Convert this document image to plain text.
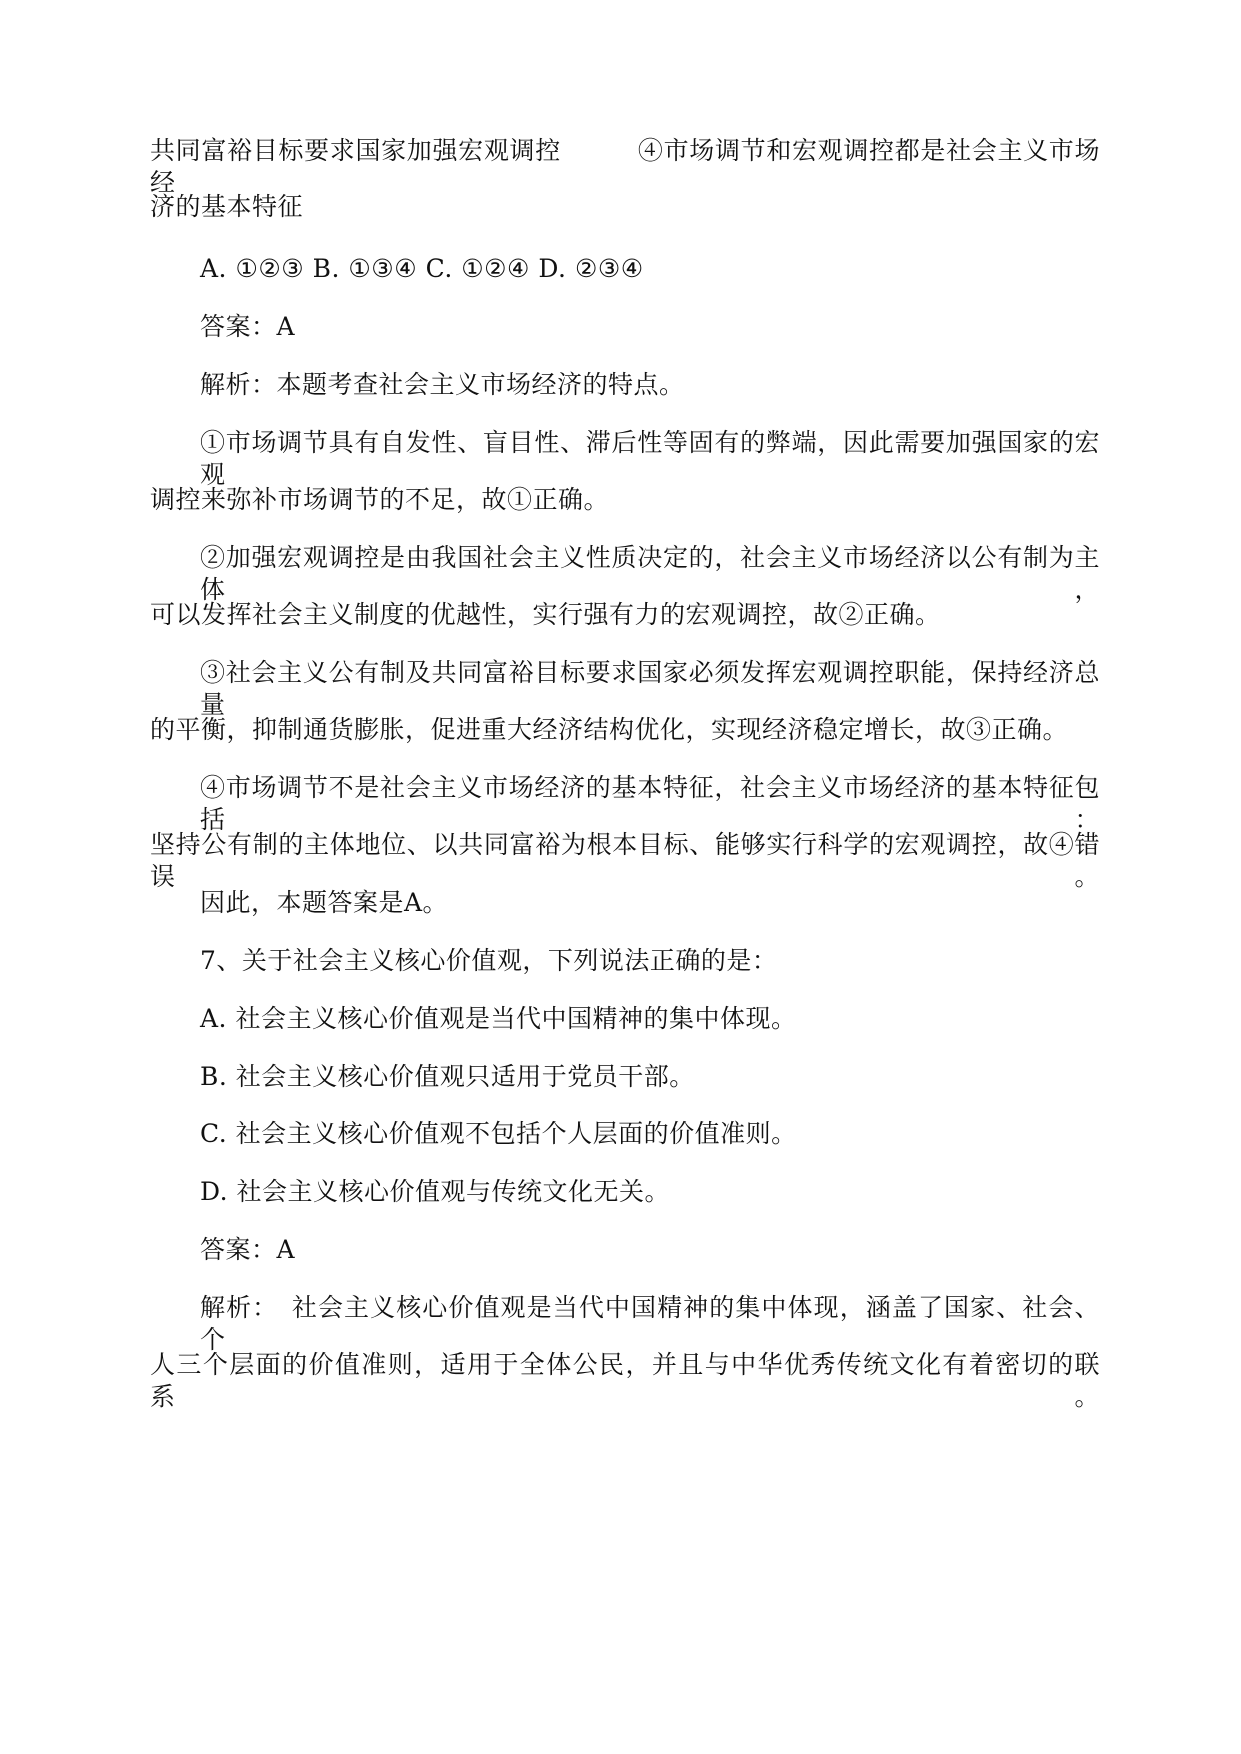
共同富裕目标要求国家加强宏观调控　　　④市场调节和宏观调控都是社会主义市场经
济的基本特征
A. ①②③ B. ①③④ C. ①②④ D. ②③④
答案：A
解析：本题考查社会主义市场经济的特点。
①市场调节具有自发性、盲目性、滞后性等固有的弊端，因此需要加强国家的宏观
调控来弥补市场调节的不足，故①正确。
②加强宏观调控是由我国社会主义性质决定的，社会主义市场经济以公有制为主体，
可以发挥社会主义制度的优越性，实行强有力的宏观调控，故②正确。
③社会主义公有制及共同富裕目标要求国家必须发挥宏观调控职能，保持经济总量
的平衡，抑制通货膨胀，促进重大经济结构优化，实现经济稳定增长，故③正确。
④市场调节不是社会主义市场经济的基本特征，社会主义市场经济的基本特征包括：
坚持公有制的主体地位、以共同富裕为根本目标、能够实行科学的宏观调控，故④错误。
因此，本题答案是A。
7、关于社会主义核心价值观，下列说法正确的是：
A. 社会主义核心价值观是当代中国精神的集中体现。
B. 社会主义核心价值观只适用于党员干部。
C. 社会主义核心价值观不包括个人层面的价值准则。
D. 社会主义核心价值观与传统文化无关。
答案：A
解析：　社会主义核心价值观是当代中国精神的集中体现，涵盖了国家、社会、个
人三个层面的价值准则，适用于全体公民，并且与中华优秀传统文化有着密切的联系。
